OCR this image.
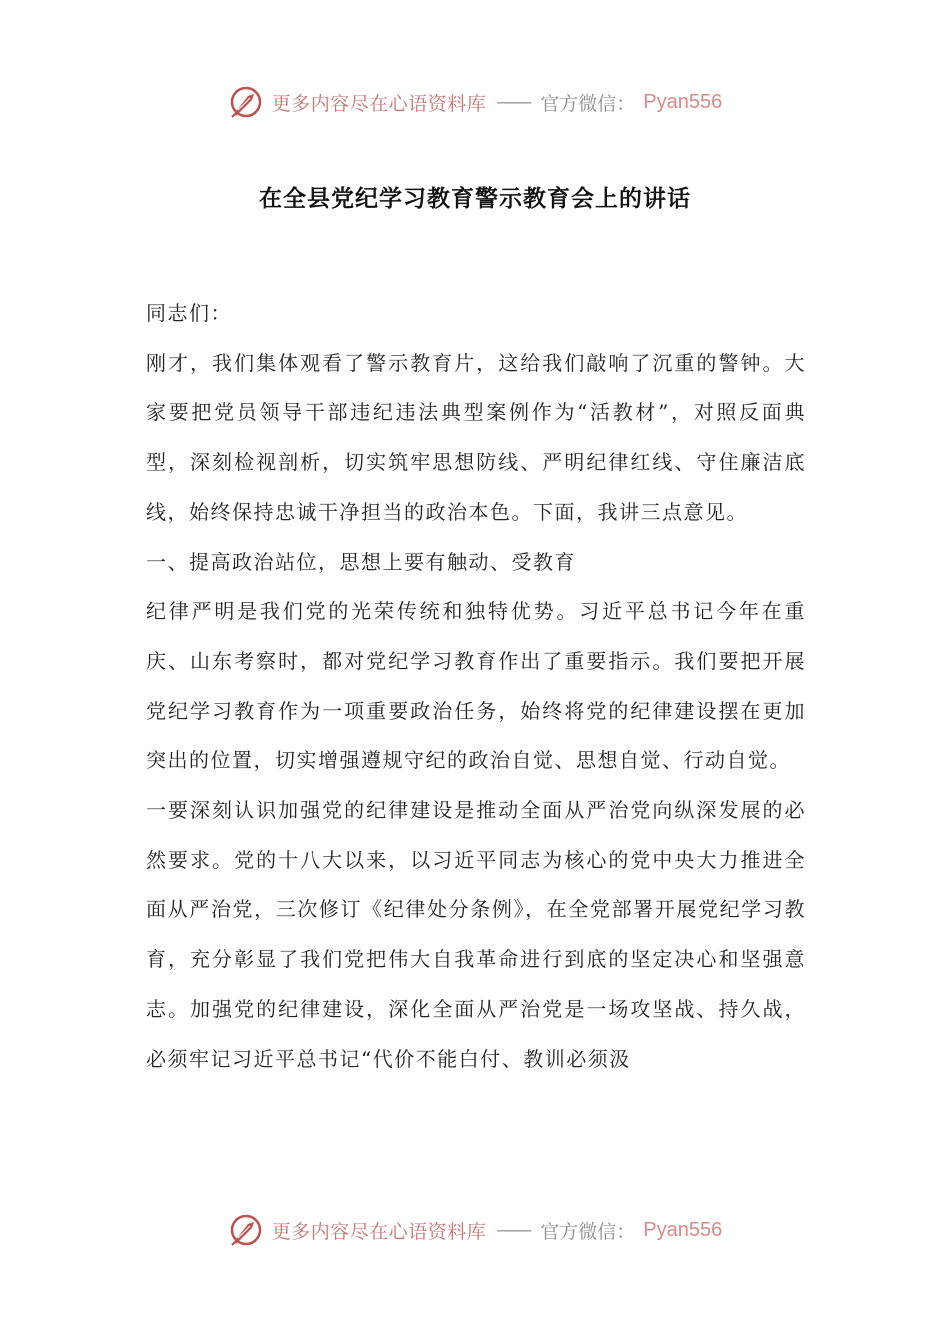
更多内容尽在心语资料库 —— 官方微信： Pyan556
在全县党纪学习教育警示教育会上的讲话

同志们：

刚才，我们集体观看了警示教育片，这给我们敲响了沉重的警钟。大家要把党员领导干部违纪违法典型案例作为“活教材”，对照反面典型，深刻检视剖析，切实筑牢思想防线、严明纪律红线、守住廉洁底线，始终保持忠诚干净担当的政治本色。下面，我讲三点意见。

一、提高政治站位，思想上要有触动、受教育

纪律严明是我们党的光荣传统和独特优势。习近平总书记今年在重庆、山东考察时，都对党纪学习教育作出了重要指示。我们要把开展党纪学习教育作为一项重要政治任务，始终将党的纪律建设摆在更加突出的位置，切实增强遵规守纪的政治自觉、思想自觉、行动自觉。

一要深刻认识加强党的纪律建设是推动全面从严治党向纵深发展的必然要求。党的十八大以来，以习近平同志为核心的党中央大力推进全面从严治党，三次修订《纪律处分条例》，在全党部署开展党纪学习教育，充分彰显了我们党把伟大自我革命进行到底的坚定决心和坚强意志。加强党的纪律建设，深化全面从严治党是一场攻坚战、持久战，必须牢记习近平总书记“代价不能白付、教训必须汲

更多内容尽在心语资料库 —— 官方微信： Pyan556
